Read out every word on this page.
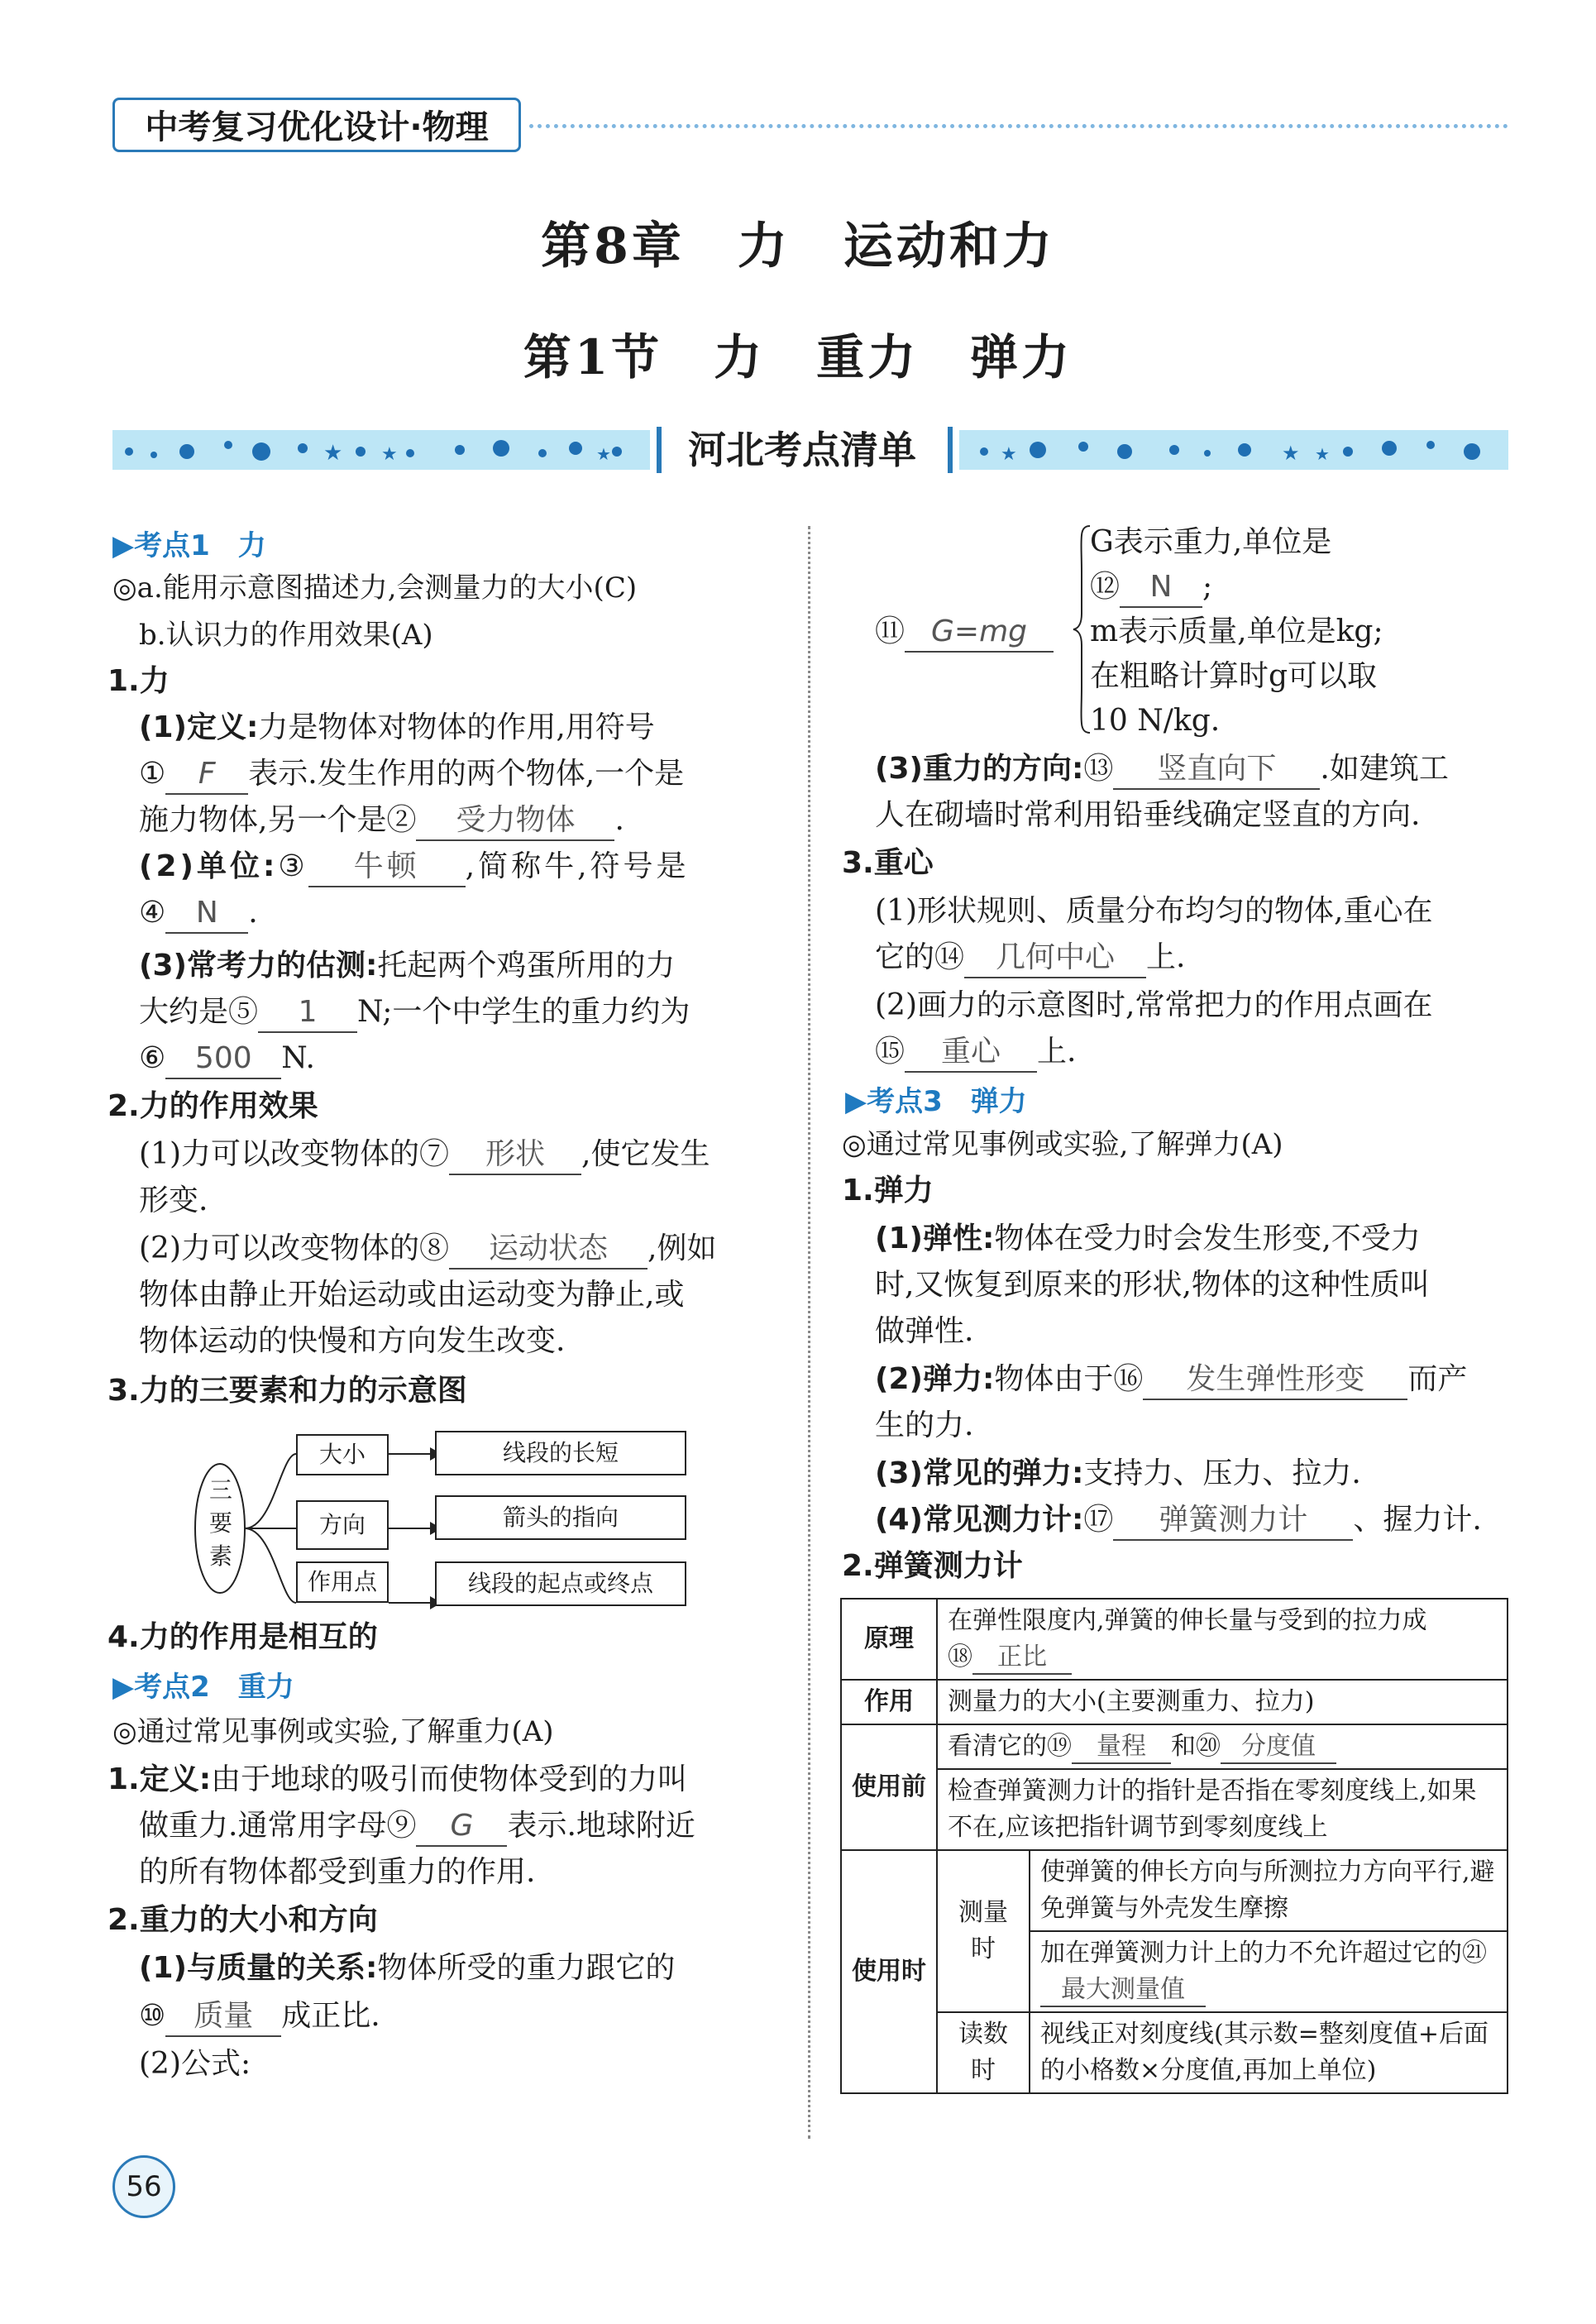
中考复习优化设计·物理
第8章　力　运动和力
第1节　力　重力　弹力
★ ★	★	河北考点清单	★	★ ★
▶考点1　力
◎a.能用示意图描述力,会测量力的大小(C)
b.认识力的作用效果(A)
1.力
(1)定义:力是物体对物体的作用,用符号
① F 表示.发生作用的两个物体,一个是
施力物体,另一个是② 受力物体 .
(2)单位:③ 牛顿 ,简称牛,符号是
④ N .
(3)常考力的估测:托起两个鸡蛋所用的力
大约是⑤ 1 N;一个中学生的重力约为
⑥ 500 N.
2.力的作用效果
(1)力可以改变物体的⑦ 形状 ,使它发生
形变.
(2)力可以改变物体的⑧ 运动状态 ,例如
物体由静止开始运动或由运动变为静止,或
物体运动的快慢和方向发生改变.
3.力的三要素和力的示意图
三
要
素
大小	线段的长短
方向	箭头的指向
作用点	线段的起点或终点
4.力的作用是相互的
▶考点2　重力
◎通过常见事例或实验,了解重力(A)
1.定义:由于地球的吸引而使物体受到的力叫
做重力.通常用字母⑨ G 表示.地球附近
的所有物体都受到重力的作用.
2.重力的大小和方向
(1)与质量的关系:物体所受的重力跟它的
⑩ 质量 成正比.
(2)公式:
⑪ G=mg
G表示重力,单位是
⑫ N ;
m表示质量,单位是kg;
在粗略计算时g可以取
10 N/kg.
(3)重力的方向:⑬ 竖直向下 .如建筑工
人在砌墙时常利用铅垂线确定竖直的方向.
3.重心
(1)形状规则、质量分布均匀的物体,重心在
它的⑭ 几何中心 上.
(2)画力的示意图时,常常把力的作用点画在
⑮ 重心 上.
▶考点3　弹力
◎通过常见事例或实验,了解弹力(A)
1.弹力
(1)弹性:物体在受力时会发生形变,不受力
时,又恢复到原来的形状,物体的这种性质叫
做弹性.
(2)弹力:物体由于⑯ 发生弹性形变 而产
生的力.
(3)常见的弹力:支持力、压力、拉力.
(4)常见测力计:⑰ 弹簧测力计 、握力计.
2.弹簧测力计
原理	在弹性限度内,弹簧的伸长量与受到的拉力成
⑱ 正比	
作用	测量力的大小(主要测重力、拉力)	
使用前	看清它的⑲ 量程 和⑳ 分度值	
	检查弹簧测力计的指针是否指在零刻度线上,如果不在,应该把指针调节到零刻度线上	
使用时	测量时	使弹簧的伸长方向与所测拉力方向平行,避免弹簧与外壳发生摩擦
		加在弹簧测力计上的力不允许超过它的㉑最大测量值
	读数时	视线正对刻度线(其示数=整刻度值+后面的小格数×分度值,再加上单位)
56
